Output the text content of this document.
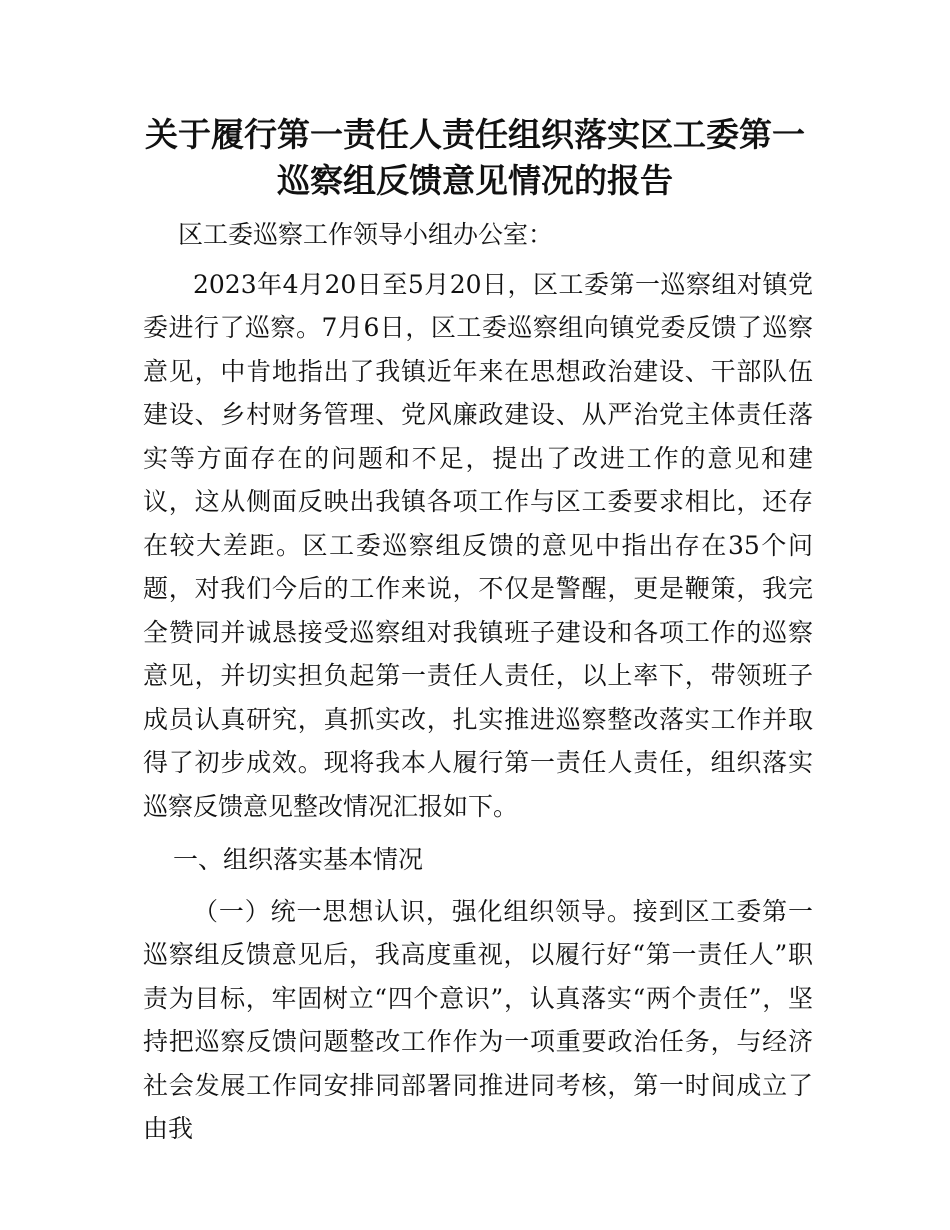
关于履行第一责任人责任组织落实区工委第一
巡察组反馈意见情况的报告

区工委巡察工作领导小组办公室：

2023年4月20日至5月20日，区工委第一巡察组对镇党委进行了巡察。7月6日，区工委巡察组向镇党委反馈了巡察意见，中肯地指出了我镇近年来在思想政治建设、干部队伍建设、乡村财务管理、党风廉政建设、从严治党主体责任落实等方面存在的问题和不足，提出了改进工作的意见和建议，这从侧面反映出我镇各项工作与区工委要求相比，还存在较大差距。区工委巡察组反馈的意见中指出存在35个问题，对我们今后的工作来说，不仅是警醒，更是鞭策，我完全赞同并诚恳接受巡察组对我镇班子建设和各项工作的巡察意见，并切实担负起第一责任人责任，以上率下，带领班子成员认真研究，真抓实改，扎实推进巡察整改落实工作并取得了初步成效。现将我本人履行第一责任人责任，组织落实巡察反馈意见整改情况汇报如下。

一、组织落实基本情况

（一）统一思想认识，强化组织领导。接到区工委第一巡察组反馈意见后，我高度重视，以履行好“第一责任人”职责为目标，牢固树立“四个意识”，认真落实“两个责任”，坚持把巡察反馈问题整改工作作为一项重要政治任务，与经济社会发展工作同安排同部署同推进同考核，第一时间成立了由我
